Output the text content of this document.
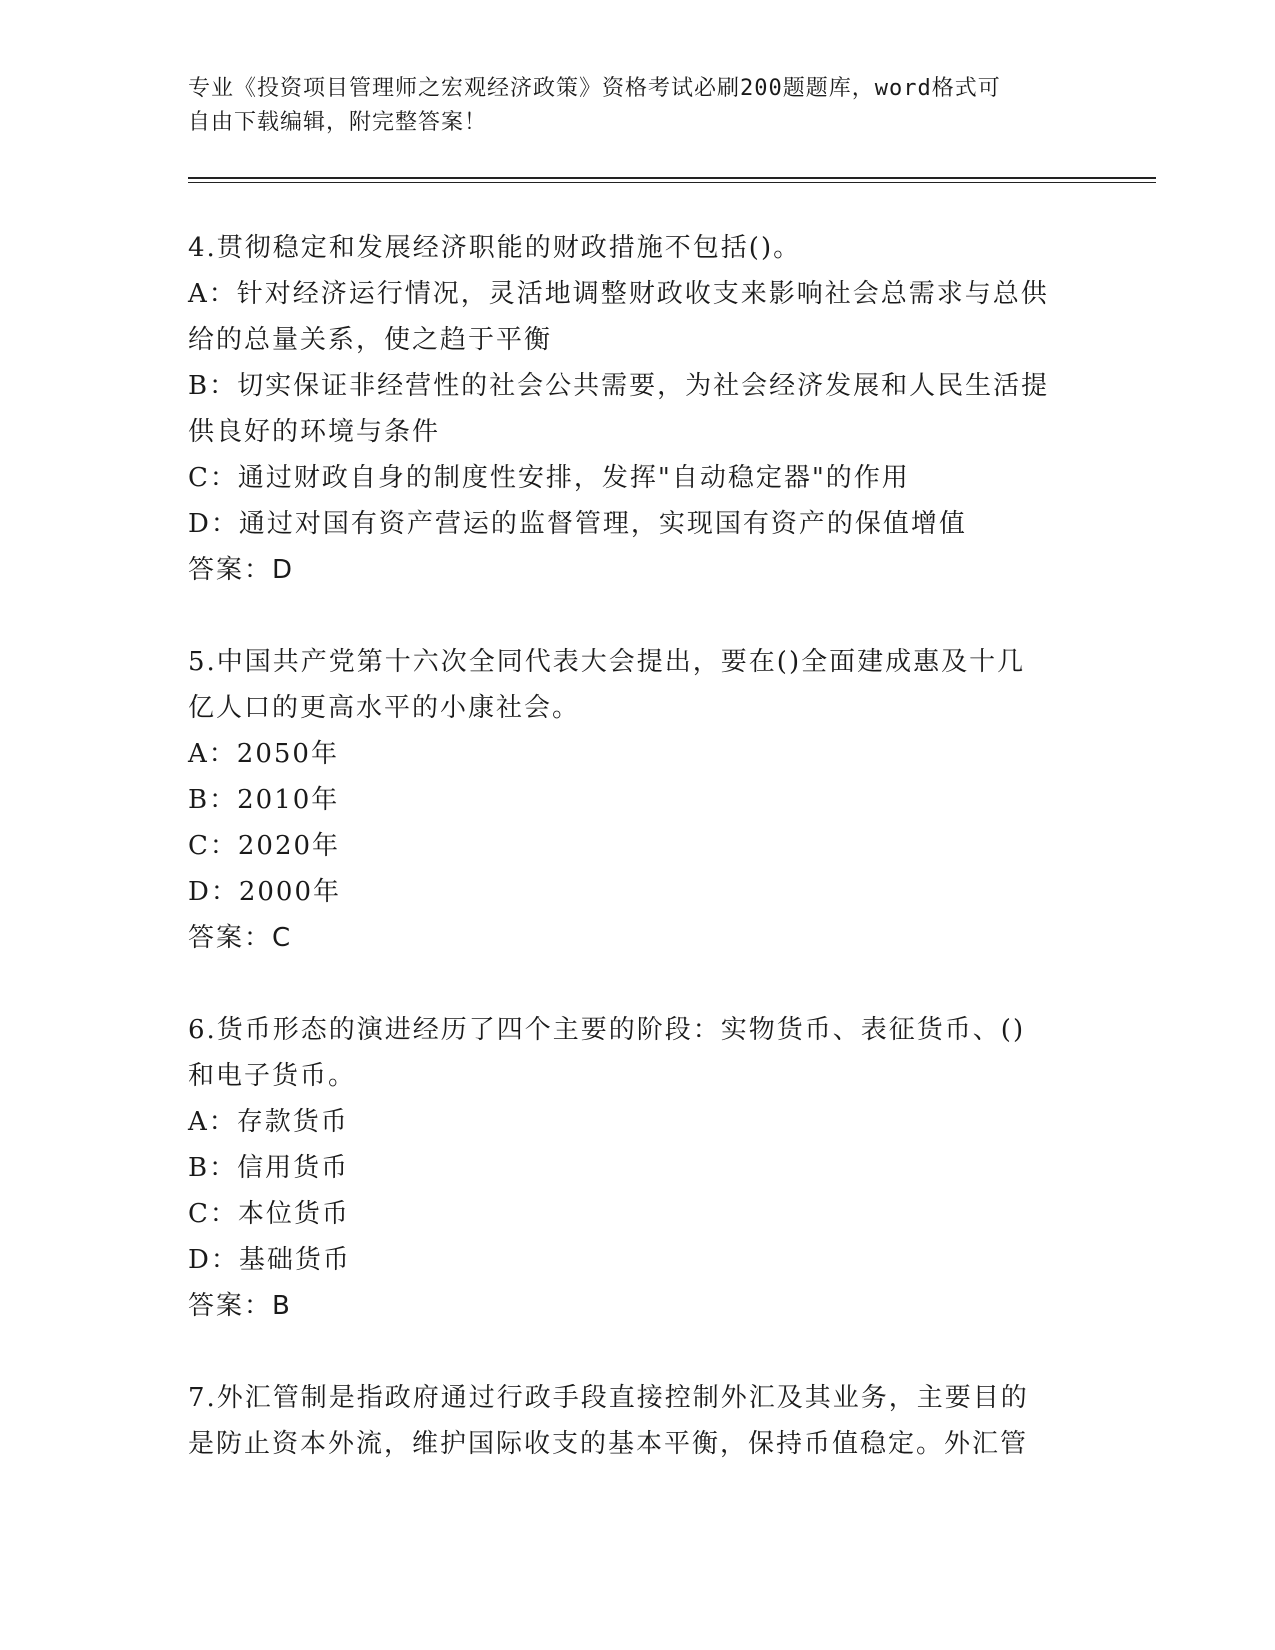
专业《投资项目管理师之宏观经济政策》资格考试必刷200题题库，word格式可
自由下载编辑，附完整答案！
4.贯彻稳定和发展经济职能的财政措施不包括()。
A：针对经济运行情况，灵活地调整财政收支来影响社会总需求与总供
给的总量关系，使之趋于平衡
B：切实保证非经营性的社会公共需要，为社会经济发展和人民生活提
供良好的环境与条件
C：通过财政自身的制度性安排，发挥"自动稳定器"的作用
D：通过对国有资产营运的监督管理，实现国有资产的保值增值
答案：D
5.中国共产党第十六次全同代表大会提出，要在()全面建成惠及十几
亿人口的更高水平的小康社会。
A：2050年
B：2010年
C：2020年
D：2000年
答案：C
6.货币形态的演进经历了四个主要的阶段：实物货币、表征货币、()
和电子货币。
A：存款货币
B：信用货币
C：本位货币
D：基础货币
答案：B
7.外汇管制是指政府通过行政手段直接控制外汇及其业务，主要目的
是防止资本外流，维护国际收支的基本平衡，保持币值稳定。外汇管
